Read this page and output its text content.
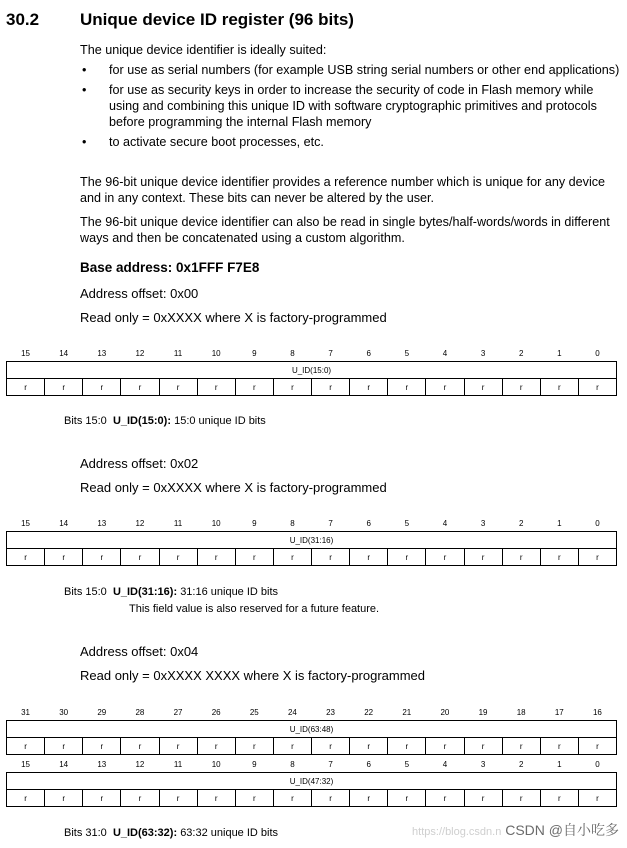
30.2 Unique device ID register (96 bits)
The unique device identifier is ideally suited:
• for use as serial numbers (for example USB string serial numbers or other end applications)
• for use as security keys in order to increase the security of code in Flash memory while using and combining this unique ID with software cryptographic primitives and protocols before programming the internal Flash memory
• to activate secure boot processes, etc.
The 96-bit unique device identifier provides a reference number which is unique for any device and in any context. These bits can never be altered by the user.
The 96-bit unique device identifier can also be read in single bytes/half-words/words in different ways and then be concatenated using a custom algorithm.
Base address: 0x1FFF F7E8
Address offset: 0x00
Read only = 0xXXXX where X is factory-programmed
15	14	13	12	11	10	9	8	7	6	5	4	3	2	1	0
U_ID(15:0)															
r	r	r	r	r	r	r	r	r	r	r	r	r	r	r	r
Bits 15:0 U_ID(15:0): 15:0 unique ID bits
Address offset: 0x02
Read only = 0xXXXX where X is factory-programmed
15	14	13	12	11	10	9	8	7	6	5	4	3	2	1	0
U_ID(31:16)															
r	r	r	r	r	r	r	r	r	r	r	r	r	r	r	r
Bits 15:0 U_ID(31:16): 31:16 unique ID bits
This field value is also reserved for a future feature.
Address offset: 0x04
Read only = 0xXXXX XXXX where X is factory-programmed
31	30	29	28	27	26	25	24	23	22	21	20	19	18	17	16
U_ID(63:48)															
r	r	r	r	r	r	r	r	r	r	r	r	r	r	r	r
15	14	13	12	11	10	9	8	7	6	5	4	3	2	1	0
U_ID(47:32)															
r	r	r	r	r	r	r	r	r	r	r	r	r	r	r	r
Bits 31:0 U_ID(63:32): 63:32 unique ID bits	https://blog.csdn.n CSDN @自小吃多
